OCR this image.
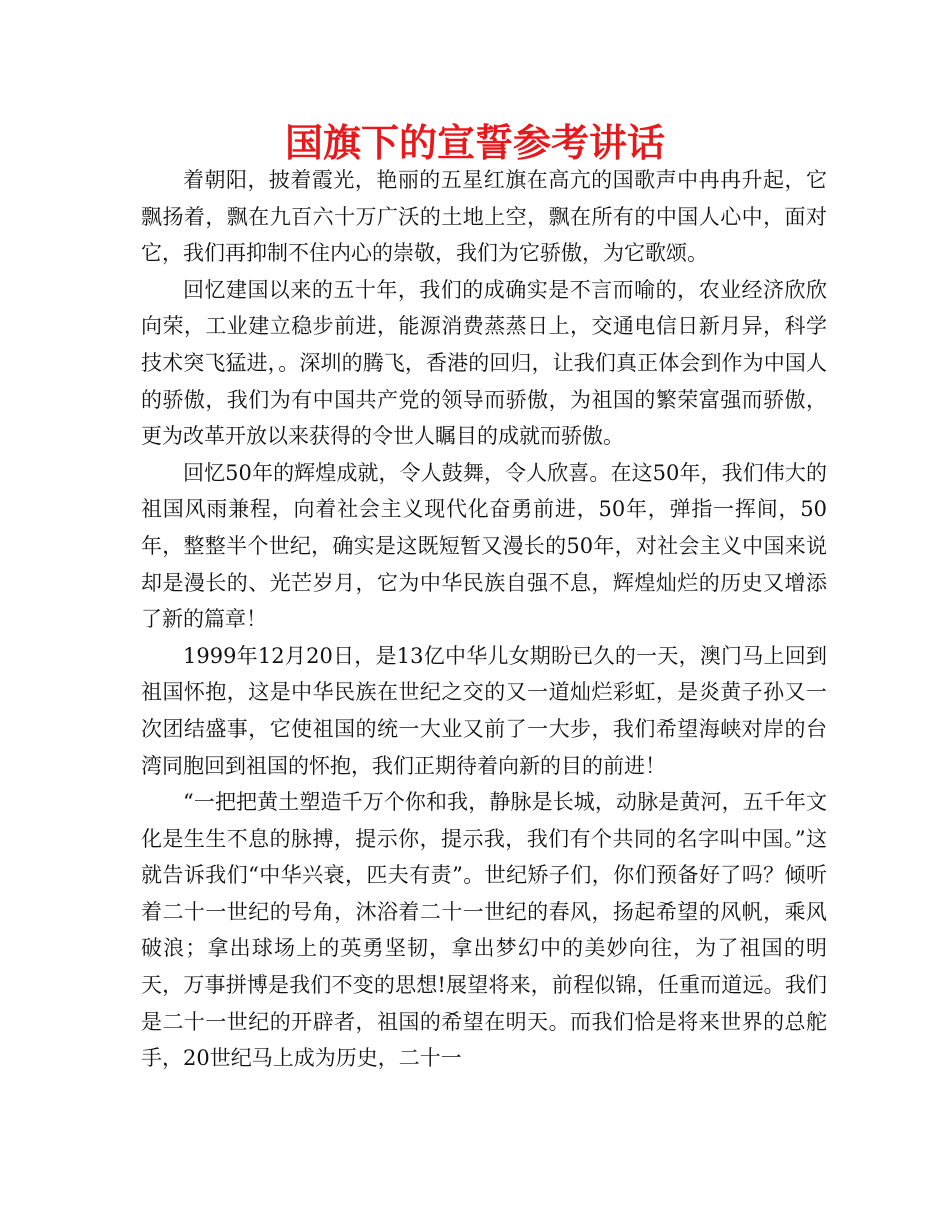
国旗下的宣誓参考讲话

着朝阳，披着霞光，艳丽的五星红旗在高亢的国歌声中冉冉升起，它飘扬着，飘在九百六十万广沃的土地上空，飘在所有的中国人心中，面对它，我们再抑制不住内心的崇敬，我们为它骄傲，为它歌颂。

回忆建国以来的五十年，我们的成确实是不言而喻的，农业经济欣欣向荣，工业建立稳步前进，能源消费蒸蒸日上，交通电信日新月异，科学技术突飞猛进，。深圳的腾飞，香港的回归，让我们真正体会到作为中国人的骄傲，我们为有中国共产党的领导而骄傲，为祖国的繁荣富强而骄傲，更为改革开放以来获得的令世人瞩目的成就而骄傲。

回忆50年的辉煌成就，令人鼓舞，令人欣喜。在这50年，我们伟大的祖国风雨兼程，向着社会主义现代化奋勇前进，50年，弹指一挥间，50年，整整半个世纪，确实是这既短暂又漫长的50年，对社会主义中国来说却是漫长的、光芒岁月，它为中华民族自强不息，辉煌灿烂的历史又增添了新的篇章！

1999年12月20日，是13亿中华儿女期盼已久的一天，澳门马上回到祖国怀抱，这是中华民族在世纪之交的又一道灿烂彩虹，是炎黄子孙又一次团结盛事，它使祖国的统一大业又前了一大步，我们希望海峡对岸的台湾同胞回到祖国的怀抱，我们正期待着向新的目的前进！

“一把把黄土塑造千万个你和我，静脉是长城，动脉是黄河，五千年文化是生生不息的脉搏，提示你，提示我，我们有个共同的名字叫中国。”这就告诉我们“中华兴衰，匹夫有责”。世纪矫子们，你们预备好了吗？倾听着二十一世纪的号角，沐浴着二十一世纪的春风，扬起希望的风帆，乘风破浪；拿出球场上的英勇坚韧，拿出梦幻中的美妙向往，为了祖国的明天，万事拼博是我们不变的思想!展望将来，前程似锦，任重而道远。我们是二十一世纪的开辟者，祖国的希望在明天。而我们恰是将来世界的总舵手，20世纪马上成为历史，二十一
